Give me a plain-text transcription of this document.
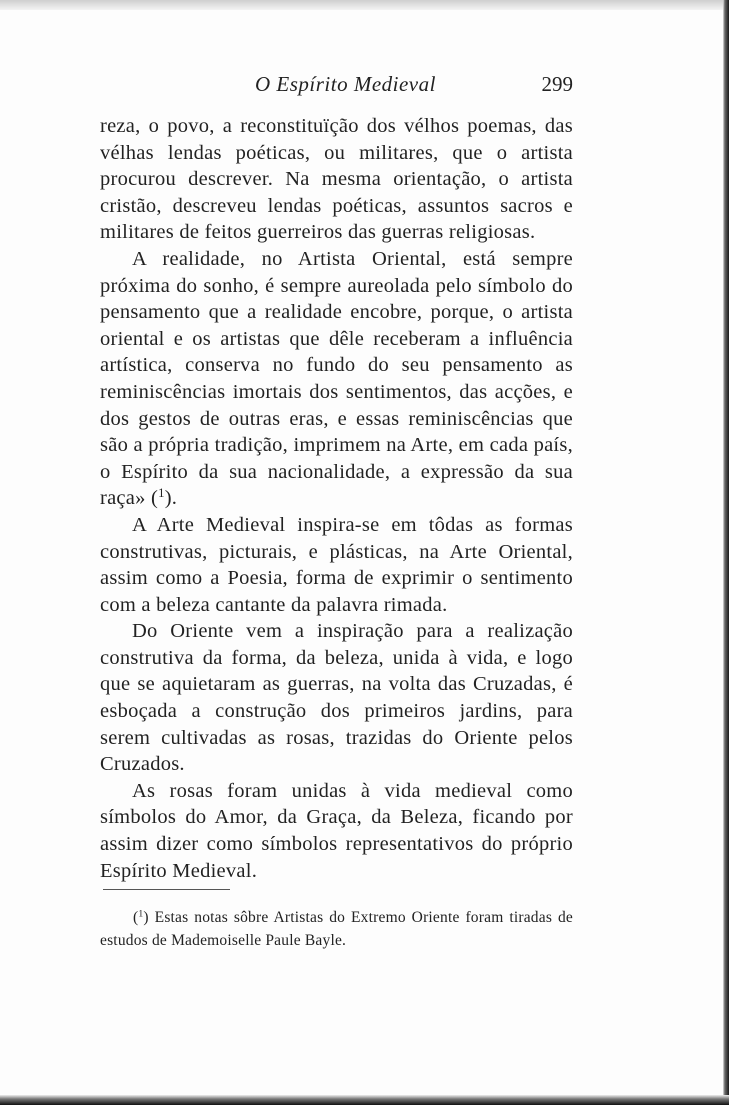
O Espírito Medieval	299

reza, o povo, a reconstituïção dos vélhos poemas, das vélhas lendas poéticas, ou militares, que o artista procurou descrever. Na mesma orientação, o artista cristão, descreveu lendas poéticas, assuntos sacros e militares de feitos guerreiros das guerras religiosas.

A realidade, no Artista Oriental, está sempre próxima do sonho, é sempre aureolada pelo símbolo do pensamento que a realidade encobre, porque, o artista oriental e os artistas que dêle receberam a influência artística, conserva no fundo do seu pensamento as reminiscências imortais dos sentimentos, das acções, e dos gestos de outras eras, e essas reminiscências que são a própria tradição, imprimem na Arte, em cada país, o Espírito da sua nacionalidade, a expressão da sua raça» ($^1$).

A Arte Medieval inspira-se em tôdas as formas construtivas, picturais, e plásticas, na Arte Oriental, assim como a Poesia, forma de exprimir o sentimento com a beleza cantante da palavra rimada.

Do Oriente vem a inspiração para a realização construtiva da forma, da beleza, unida à vida, e logo que se aquietaram as guerras, na volta das Cruzadas, é esboçada a construção dos primeiros jardins, para serem cultivadas as rosas, trazidas do Oriente pelos Cruzados.

As rosas foram unidas à vida medieval como símbolos do Amor, da Graça, da Beleza, ficando por assim dizer como símbolos representativos do próprio Espírito Medieval.

($^1$) Estas notas sôbre Artistas do Extremo Oriente foram tiradas de estudos de Mademoiselle Paule Bayle.
